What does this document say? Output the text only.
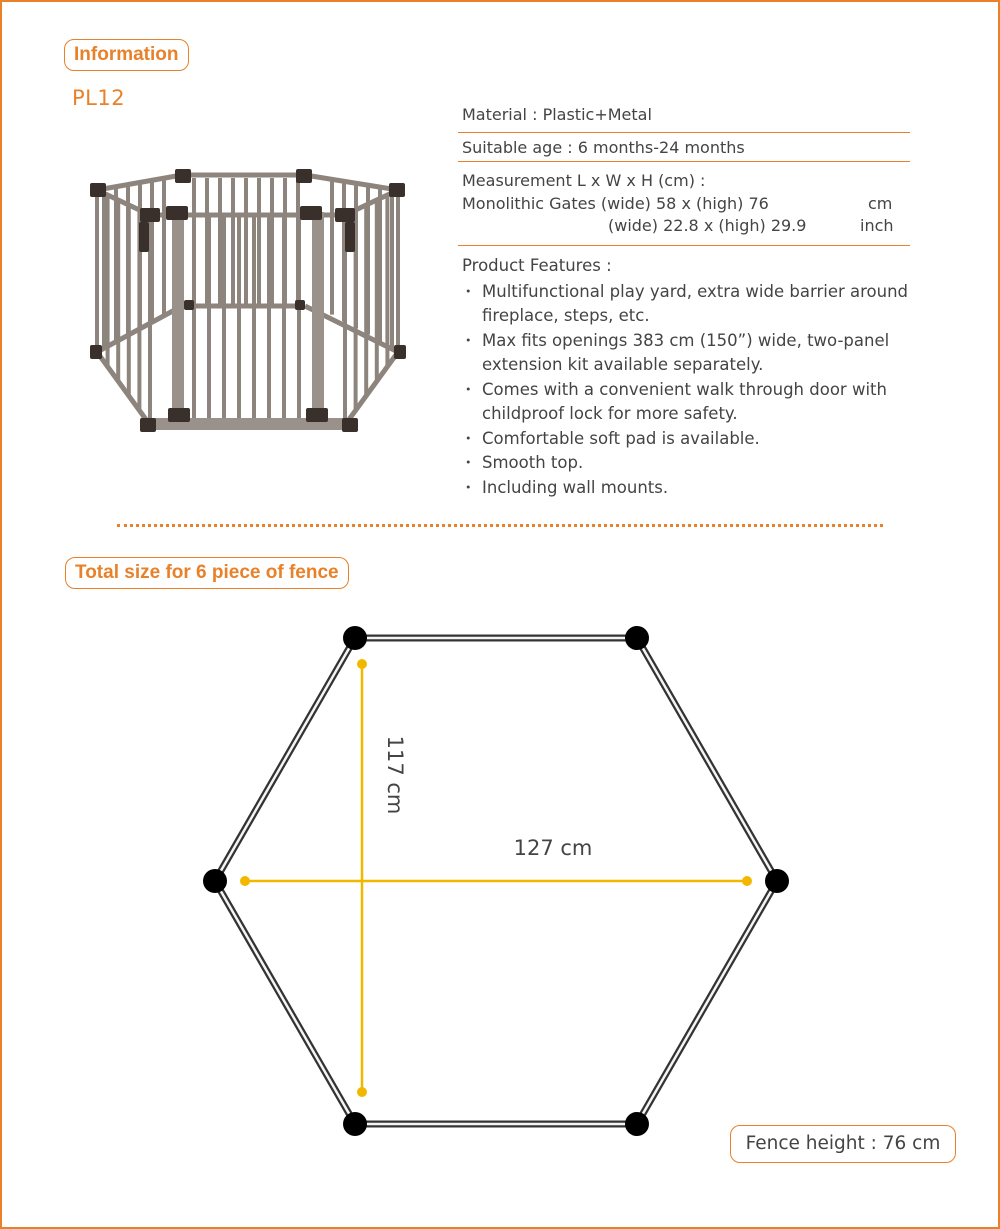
Information
PL12
Material : Plastic+Metal
Suitable age : 6 months-24 months
Measurement L x W x H (cm) :
Monolithic Gates (wide) 58 x (high) 76	cm
(wide) 22.8 x (high) 29.9	inch
Product Features :
・ Multifunctional play yard, extra wide barrier around fireplace, steps, etc.
・ Max fits openings 383 cm (150”) wide, two-panel extension kit available separately.
・ Comes with a convenient walk through door with childproof lock for more safety.
・ Comfortable soft pad is available.
・ Smooth top.
・ Including wall mounts.
Total size for 6 piece of fence
117 cm
127 cm
Fence height : 76 cm
